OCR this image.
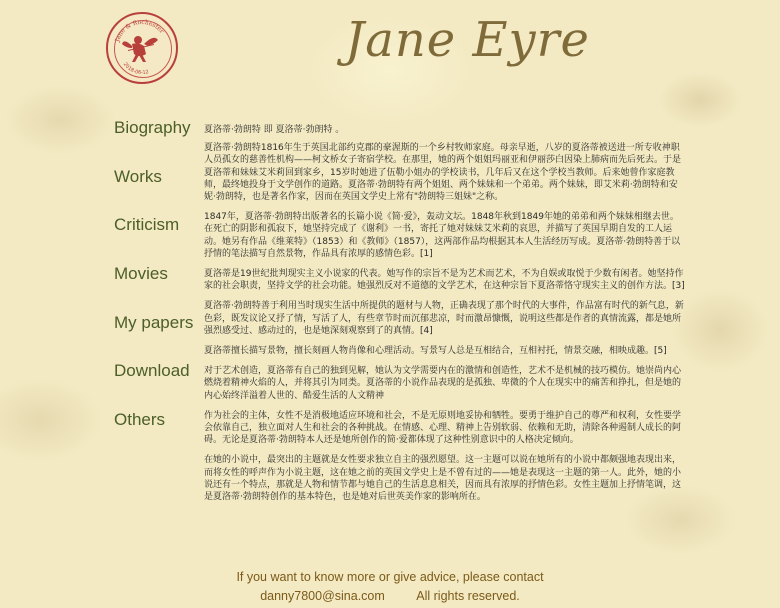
Jane & Rochester
2018-06-12
Jane Eyre
Biography
Works
Criticism
Movies
My papers
Download
Others

夏洛蒂·勃朗特 即 夏洛蒂·勃朗特 。

夏洛蒂·勃朗特1816年生于英国北部约克郡的豪渥斯的一个乡村牧师家庭。母亲早逝，八岁的夏洛蒂被送进一所专收神职人员孤女的慈善性机构——柯文桥女子寄宿学校。在那里，她的两个姐姐玛丽亚和伊丽莎白因染上肺病而先后死去。于是夏洛蒂和妹妹艾米莉回到家乡，15岁时她进了伍勒小姐办的学校读书，几年后又在这个学校当教师。后来她曾作家庭教师，最终她投身于文学创作的道路。夏洛蒂·勃朗特有两个姐姐、两个妹妹和一个弟弟。两个妹妹，即艾米莉·勃朗特和安妮·勃朗特，也是著名作家，因而在英国文学史上常有"勃朗特三姐妹"之称。

1847年，夏洛蒂·勃朗特出版著名的长篇小说《简·爱》，轰动文坛。1848年秋到1849年她的弟弟和两个妹妹相继去世。在死亡的阴影和孤寂下，她坚持完成了《谢利》一书，寄托了她对妹妹艾米莉的哀思，并描写了英国早期自发的工人运动。她另有作品《维莱特》（1853）和《教师》（1857），这两部作品均根据其本人生活经历写成。夏洛蒂·勃朗特善于以抒情的笔法描写自然景物，作品具有浓厚的感情色彩。[1]

夏洛蒂是19世纪批判现实主义小说家的代表。她写作的宗旨不是为艺术而艺术，不为自娱或取悦于少数有闲者。她坚持作家的社会职责，坚持文学的社会功能。她强烈反对不道德的文学艺术，在这种宗旨下夏洛蒂恪守现实主义的创作方法。[3]

夏洛蒂·勃朗特善于利用当时现实生活中所提供的题材与人物，正确表现了那个时代的大事件，作品富有时代的新气息，新色彩，既发议论又抒了情，写活了人，有些章节时而沉郁悲凉，时而激昂慷慨，说明这些都是作者的真情流露，都是她所强烈感受过、感动过的，也是她深刻观察到了的真情。[4]

夏洛蒂擅长描写景物，擅长刻画人物肖像和心理活动。写景写人总是互相结合，互相衬托，情景交融，相映成趣。[5]

对于艺术创造，夏洛蒂有自己的独到见解，她认为文学需要内在的激情和创造性，艺术不是机械的技巧模仿。她崇尚内心燃烧着精神火焰的人，并将其引为同类。夏洛蒂的小说作品表现的是孤独、卑微的个人在现实中的痛苦和挣扎，但是她的内心始终洋溢着人世的、酷爱生活的人文精神

作为社会的主体，女性不是消极地适应环境和社会，不是无原则地妥协和牺牲。要勇于维护自己的尊严和权利，女性要学会依靠自己，独立面对人生和社会的各种挑战。在情感、心理、精神上告别软弱、依赖和无助，清除各种遏制人成长的阿碍。无论是夏洛蒂·勃朗特本人还是她所创作的简·爱都体现了这种性别意识中的人格决定倾向。

在她的小说中，最突出的主题就是女性要求独立自主的强烈愿望。这一主题可以说在她所有的小说中都颇强地表现出来，而将女性的呼声作为小说主题，这在她之前的英国文学史上是不曾有过的——她是表现这一主题的第一人。此外，她的小说还有一个特点，那就是人物和情节都与她自己的生活息息相关，因而具有浓厚的抒情色彩。女性主题加上抒情笔调，这是夏洛蒂·勃朗特创作的基本特色，也是她对后世英美作家的影响所在。

If you want to know more or give advice, please contact
danny7800@sina.com	All rights reserved.
